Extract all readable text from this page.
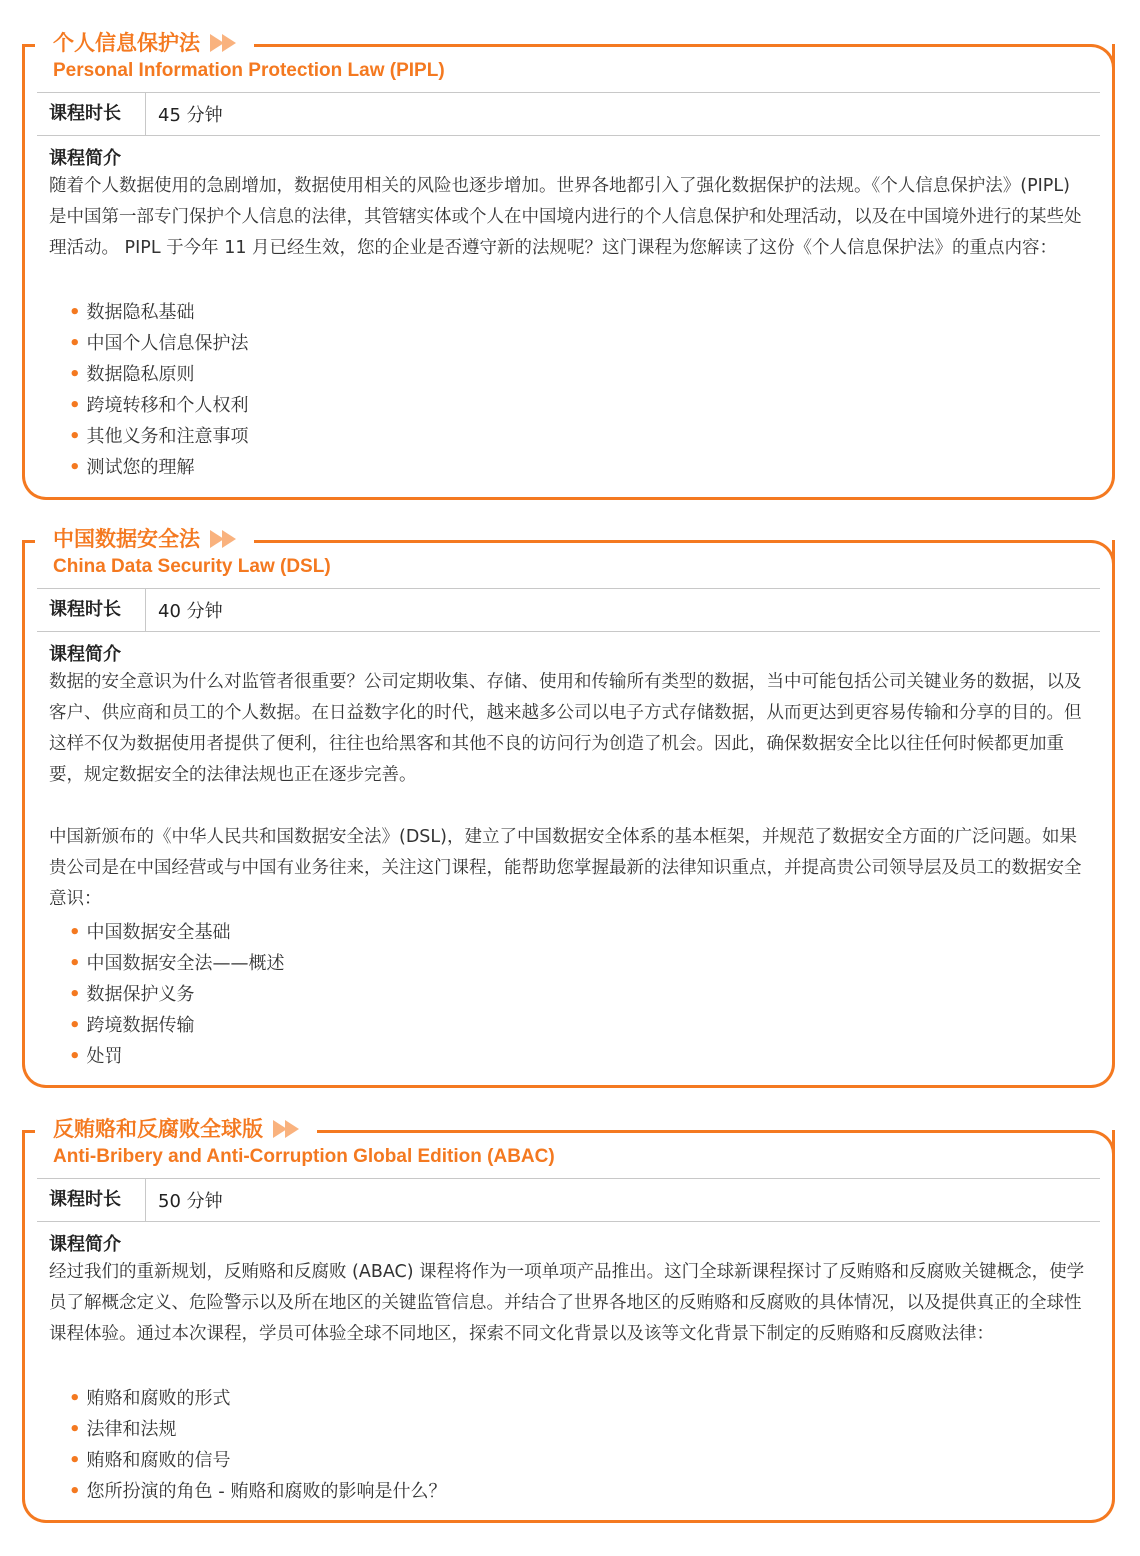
个人信息保护法
Personal Information Protection Law (PIPL)
课程时长	45 分钟
课程简介
随着个人数据使用的急剧增加，数据使用相关的风险也逐步增加。世界各地都引入了强化数据保护的法规。《个人信息保护法》(PIPL) 是中国第一部专门保护个人信息的法律，其管辖实体或个人在中国境内进行的个人信息保护和处理活动，以及在中国境外进行的某些处理活动。 PIPL 于今年 11 月已经生效，您的企业是否遵守新的法规呢？这门课程为您解读了这份《个人信息保护法》的重点内容：
• 数据隐私基础
• 中国个人信息保护法
• 数据隐私原则
• 跨境转移和个人权利
• 其他义务和注意事项
• 测试您的理解
中国数据安全法
China Data Security Law (DSL)
课程时长	40 分钟
课程简介
数据的安全意识为什么对监管者很重要？公司定期收集、存储、使用和传输所有类型的数据，当中可能包括公司关键业务的数据，以及客户、供应商和员工的个人数据。在日益数字化的时代，越来越多公司以电子方式存储数据，从而更达到更容易传输和分享的目的。但这样不仅为数据使用者提供了便利，往往也给黑客和其他不良的访问行为创造了机会。因此，确保数据安全比以往任何时候都更加重要，规定数据安全的法律法规也正在逐步完善。
中国新颁布的《中华人民共和国数据安全法》(DSL)，建立了中国数据安全体系的基本框架，并规范了数据安全方面的广泛问题。如果贵公司是在中国经营或与中国有业务往来，关注这门课程，能帮助您掌握最新的法律知识重点，并提高贵公司领导层及员工的数据安全意识：
• 中国数据安全基础
• 中国数据安全法——概述
• 数据保护义务
• 跨境数据传输
• 处罚
反贿赂和反腐败全球版
Anti-Bribery and Anti-Corruption Global Edition (ABAC)
课程时长	50 分钟
课程简介
经过我们的重新规划，反贿赂和反腐败 (ABAC) 课程将作为一项单项产品推出。这门全球新课程探讨了反贿赂和反腐败关键概念，使学员了解概念定义、危险警示以及所在地区的关键监管信息。并结合了世界各地区的反贿赂和反腐败的具体情况，以及提供真正的全球性课程体验。通过本次课程，学员可体验全球不同地区，探索不同文化背景以及该等文化背景下制定的反贿赂和反腐败法律：
• 贿赂和腐败的形式
• 法律和法规
• 贿赂和腐败的信号
• 您所扮演的角色 - 贿赂和腐败的影响是什么？
